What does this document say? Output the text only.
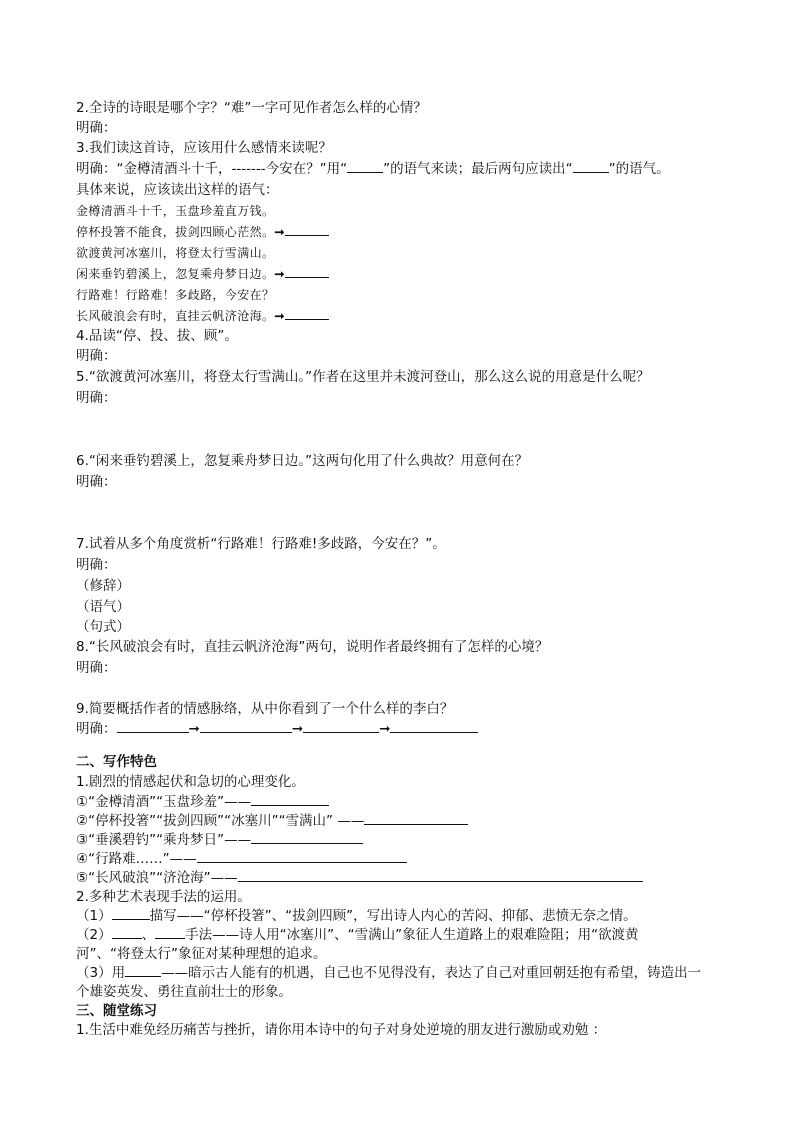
2.全诗的诗眼是哪个字？“难”一字可见作者怎么样的心情？
明确：
3.我们读这首诗，应该用什么感情来读呢？
明确：“金樽清酒斗十千，-------今安在？”用“	”的语气来读；最后两句应读出“	”的语气。
具体来说，应该读出这样的语气：
金樽清酒斗十千，玉盘珍羞直万钱。
停杯投箸不能食，拔剑四顾心茫然。➞
欲渡黄河冰塞川，将登太行雪满山。
闲来垂钓碧溪上，忽复乘舟梦日边。➞
行路难！行路难！多歧路，今安在？
长风破浪会有时，直挂云帆济沧海。➞
4.品读“停、投、拔、顾”。
明确：
5.“欲渡黄河冰塞川，将登太行雪满山。”作者在这里并未渡河登山，那么这么说的用意是什么呢？
明确：
6.“闲来垂钓碧溪上，忽复乘舟梦日边。”这两句化用了什么典故？用意何在？
明确：
7.试着从多个角度赏析“行路难！行路难!多歧路，今安在？”。
明确：
（修辞）
（语气）
（句式）
8.“长风破浪会有时，直挂云帆济沧海”两句，说明作者最终拥有了怎样的心境？
明确：
9.简要概括作者的情感脉络，从中你看到了一个什么样的李白？
明确：	➞	➞	➞
二、写作特色
1.剧烈的情感起伏和急切的心理变化。
①“金樽清酒”“玉盘珍羞”——
②“停杯投箸”“拔剑四顾”“冰塞川”“雪满山” ——
③“垂溪碧钓”“乘舟梦日”——
④“行路难……”——
⑤“长风破浪”“济沧海”——
2.多种艺术表现手法的运用。
（1）	描写——“停杯投箸”、“拔剑四顾”，写出诗人内心的苦闷、抑郁、悲愤无奈之情。
（2） 、 手法——诗人用“冰塞川”、“雪满山”象征人生道路上的艰难险阻；用“欲渡黄
河”、“将登太行”象征对某种理想的追求。
（3）用	——暗示古人能有的机遇，自己也不见得没有，表达了自己对重回朝廷抱有希望，铸造出一
个雄姿英发、勇往直前壮士的形象。
三、随堂练习
1.生活中难免经历痛苦与挫折，请你用本诗中的句子对身处逆境的朋友进行激励或劝勉 ：
